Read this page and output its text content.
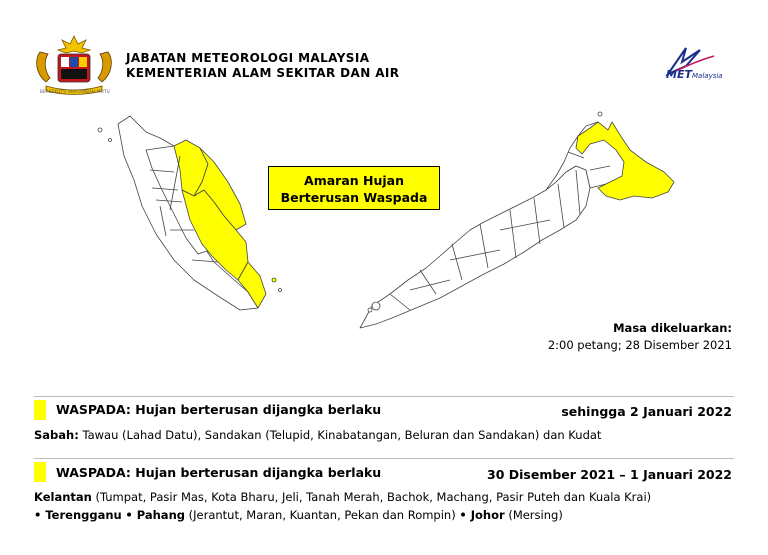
BERSEKUTU BERTAMBAH MUTU
JABATAN METEOROLOGI MALAYSIA
KEMENTERIAN ALAM SEKITAR DAN AIR	MET Malaysia
Amaran Hujan
Berterusan Waspada
Masa dikeluarkan:
2:00 petang; 28 Disember 2021
WASPADA: Hujan berterusan dijangka berlaku	sehingga 2 Januari 2022
Sabah: Tawau (Lahad Datu), Sandakan (Telupid, Kinabatangan, Beluran dan Sandakan) dan Kudat
WASPADA: Hujan berterusan dijangka berlaku	30 Disember 2021 – 1 Januari 2022
Kelantan (Tumpat, Pasir Mas, Kota Bharu, Jeli, Tanah Merah, Bachok, Machang, Pasir Puteh dan Kuala Krai)
• Terengganu • Pahang (Jerantut, Maran, Kuantan, Pekan dan Rompin) • Johor (Mersing)
